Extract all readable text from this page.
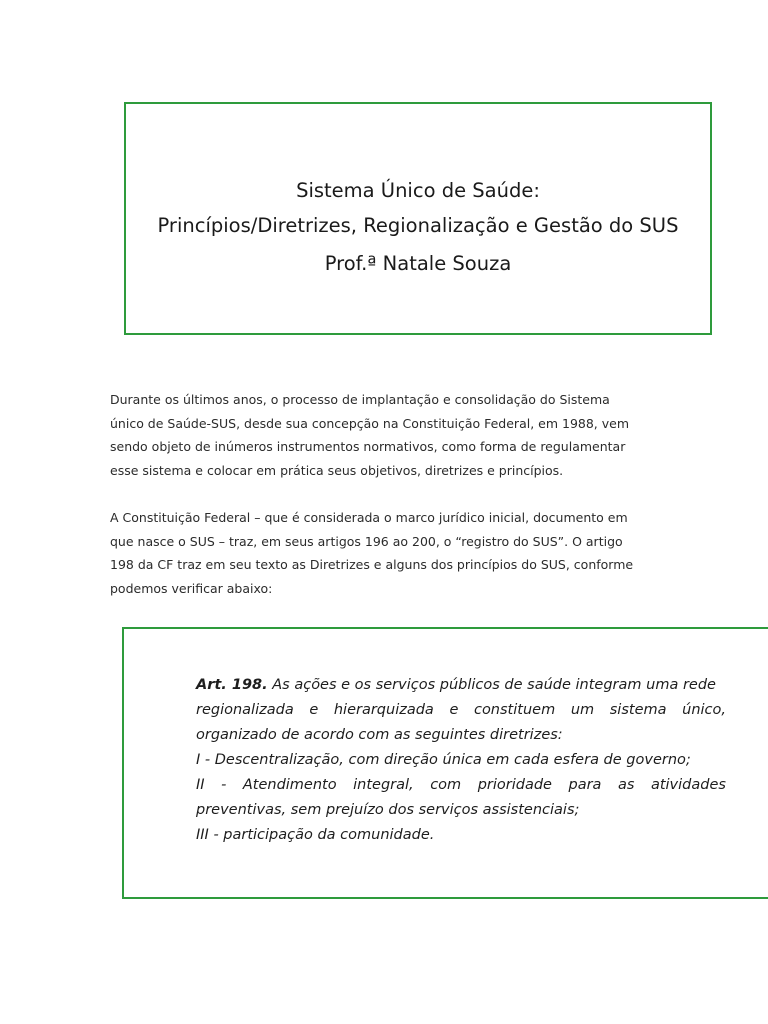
Sistema Único de Saúde:
Princípios/Diretrizes, Regionalização e Gestão do SUS
Prof.ª Natale Souza
Durante os últimos anos, o processo de implantação e consolidação do Sistema
único de Saúde-SUS, desde sua concepção na Constituição Federal, em 1988, vem
sendo objeto de inúmeros instrumentos normativos, como forma de regulamentar
esse sistema e colocar em prática seus objetivos, diretrizes e princípios.
A Constituição Federal – que é considerada o marco jurídico inicial, documento em
que nasce o SUS – traz, em seus artigos 196 ao 200, o “registro do SUS”. O artigo
198 da CF traz em seu texto as Diretrizes e alguns dos princípios do SUS, conforme
podemos verificar abaixo:
Art. 198. As ações e os serviços públicos de saúde integram uma rede
regionalizada e hierarquizada e constituem um sistema único,
organizado de acordo com as seguintes diretrizes:
I - Descentralização, com direção única em cada esfera de governo;
II - Atendimento integral, com prioridade para as atividades
preventivas, sem prejuízo dos serviços assistenciais;
III - participação da comunidade.
